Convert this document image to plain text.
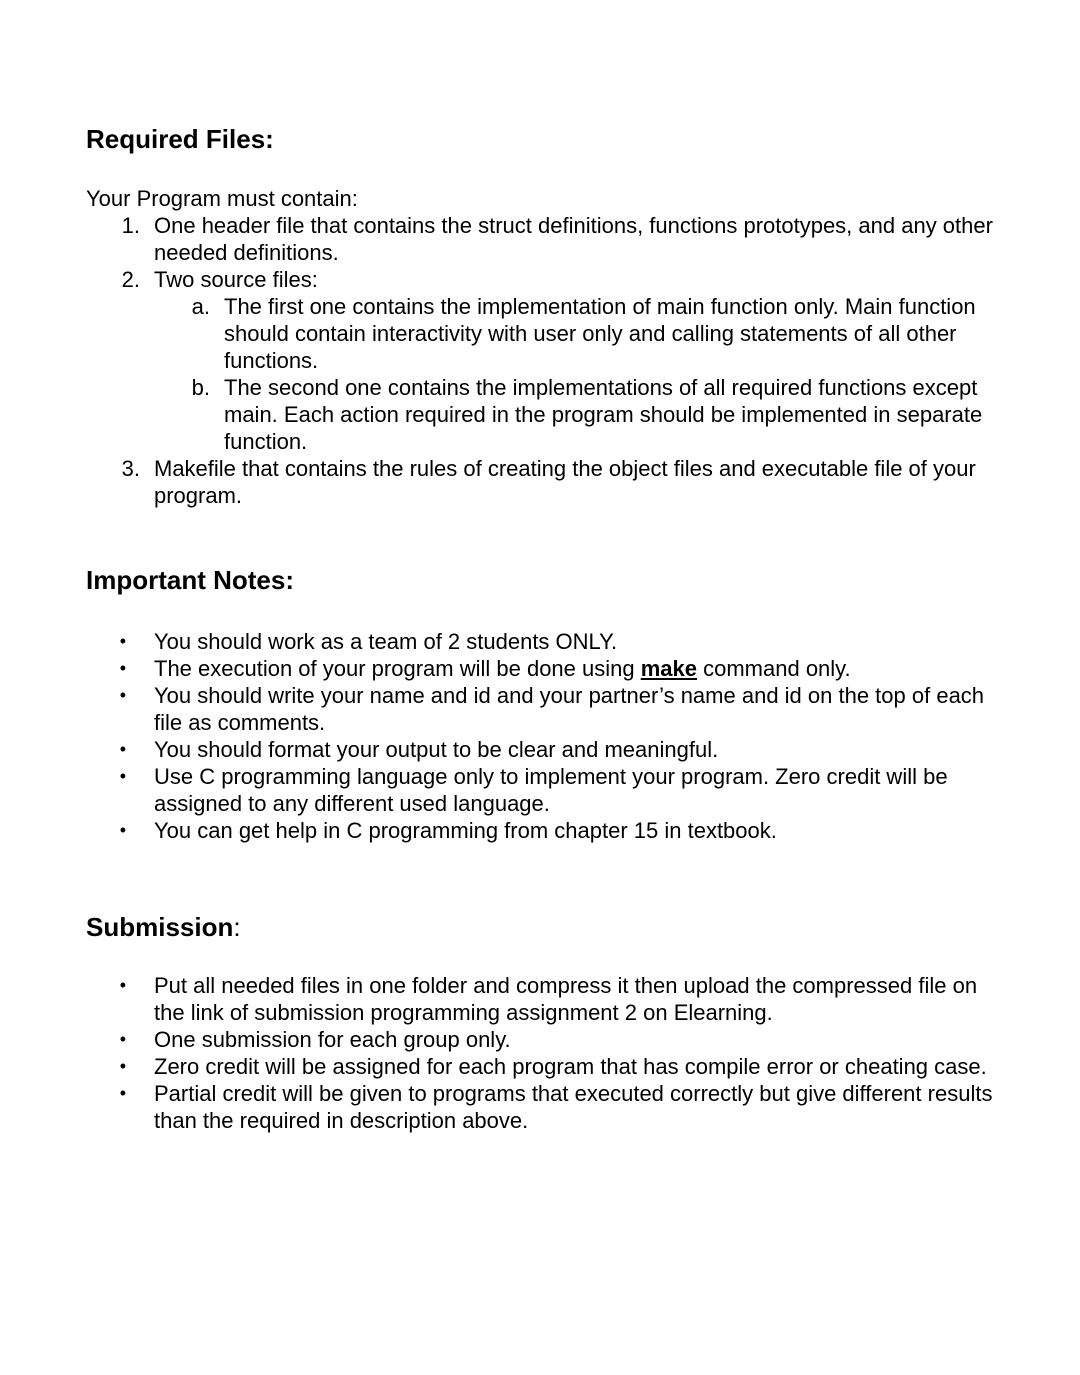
Required Files:
Your Program must contain:
1. One header file that contains the struct definitions, functions prototypes, and any other needed definitions.
2. Two source files:
a. The first one contains the implementation of main function only. Main function should contain interactivity with user only and calling statements of all other functions.
b. The second one contains the implementations of all required functions except main. Each action required in the program should be implemented in separate function.
3. Makefile that contains the rules of creating the object files and executable file of your program.
Important Notes:
•	You should work as a team of 2 students ONLY.
•	The execution of your program will be done using make command only.
•	You should write your name and id and your partner’s name and id on the top of each file as comments.
•	You should format your output to be clear and meaningful.
•	Use C programming language only to implement your program. Zero credit will be assigned to any different used language.
•	You can get help in C programming from chapter 15 in textbook.
Submission:
•	Put all needed files in one folder and compress it then upload the compressed file on the link of submission programming assignment 2 on Elearning.
•	One submission for each group only.
•	Zero credit will be assigned for each program that has compile error or cheating case.
•	Partial credit will be given to programs that executed correctly but give different results than the required in description above.
